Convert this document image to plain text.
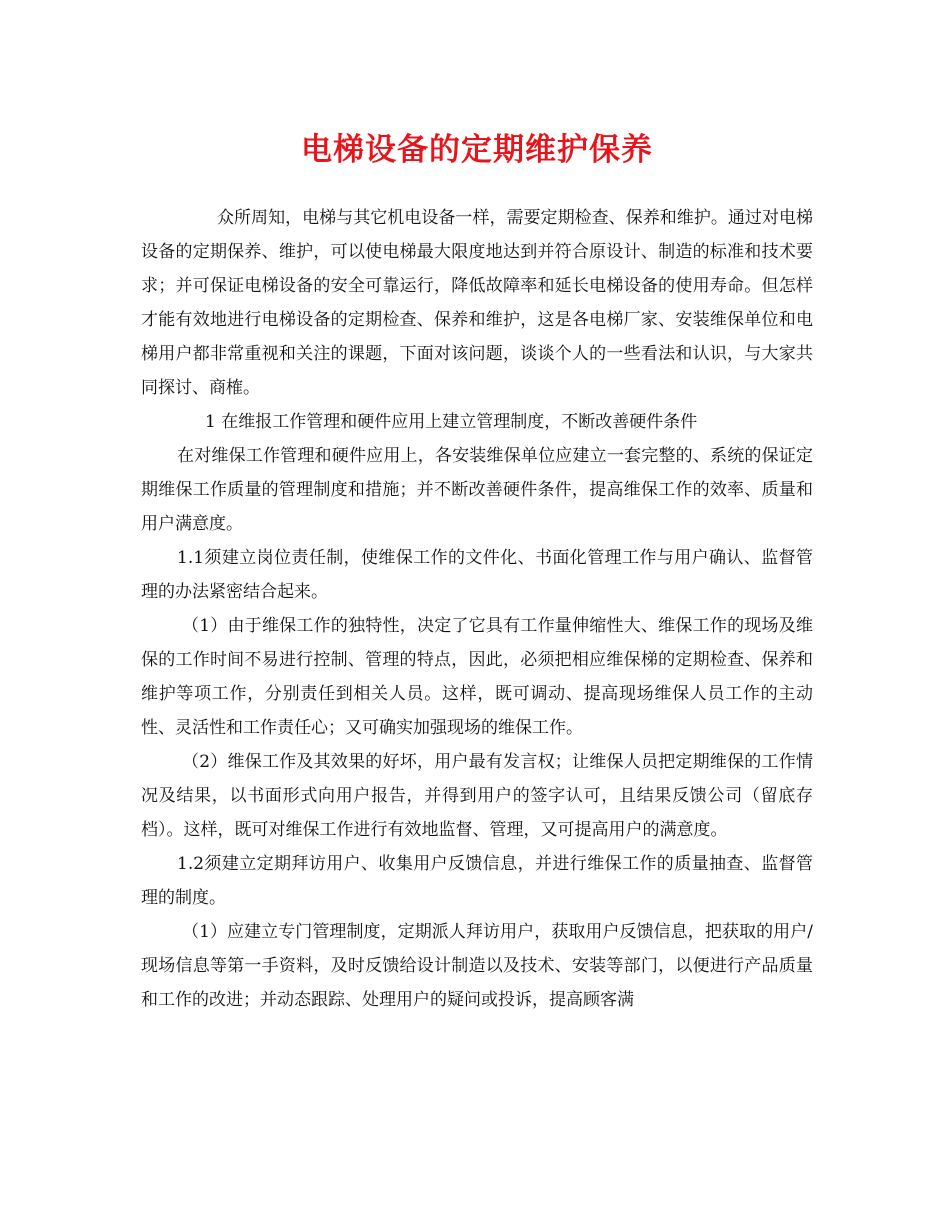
电梯设备的定期维护保养

众所周知，电梯与其它机电设备一样，需要定期检查、保养和维护。通过对电梯设备的定期保养、维护，可以使电梯最大限度地达到并符合原设计、制造的标准和技术要求；并可保证电梯设备的安全可靠运行，降低故障率和延长电梯设备的使用寿命。但怎样才能有效地进行电梯设备的定期检查、保养和维护，这是各电梯厂家、安装维保单位和电梯用户都非常重视和关注的课题，下面对该问题，谈谈个人的一些看法和认识，与大家共同探讨、商榷。

1 在维报工作管理和硬件应用上建立管理制度，不断改善硬件条件

在对维保工作管理和硬件应用上，各安装维保单位应建立一套完整的、系统的保证定期维保工作质量的管理制度和措施；并不断改善硬件条件，提高维保工作的效率、质量和用户满意度。

1.1须建立岗位责任制，使维保工作的文件化、书面化管理工作与用户确认、监督管理的办法紧密结合起来。

（1）由于维保工作的独特性，决定了它具有工作量伸缩性大、维保工作的现场及维保的工作时间不易进行控制、管理的特点，因此，必须把相应维保梯的定期检查、保养和维护等项工作，分别责任到相关人员。这样，既可调动、提高现场维保人员工作的主动性、灵活性和工作责任心；又可确实加强现场的维保工作。

（2）维保工作及其效果的好坏，用户最有发言权；让维保人员把定期维保的工作情况及结果，以书面形式向用户报告，并得到用户的签字认可，且结果反馈公司（留底存档）。这样，既可对维保工作进行有效地监督、管理，又可提高用户的满意度。

1.2须建立定期拜访用户、收集用户反馈信息，并进行维保工作的质量抽查、监督管理的制度。

（1）应建立专门管理制度，定期派人拜访用户，获取用户反馈信息，把获取的用户/现场信息等第一手资料，及时反馈给设计制造以及技术、安装等部门，以便进行产品质量和工作的改进；并动态跟踪、处理用户的疑问或投诉，提高顾客满
